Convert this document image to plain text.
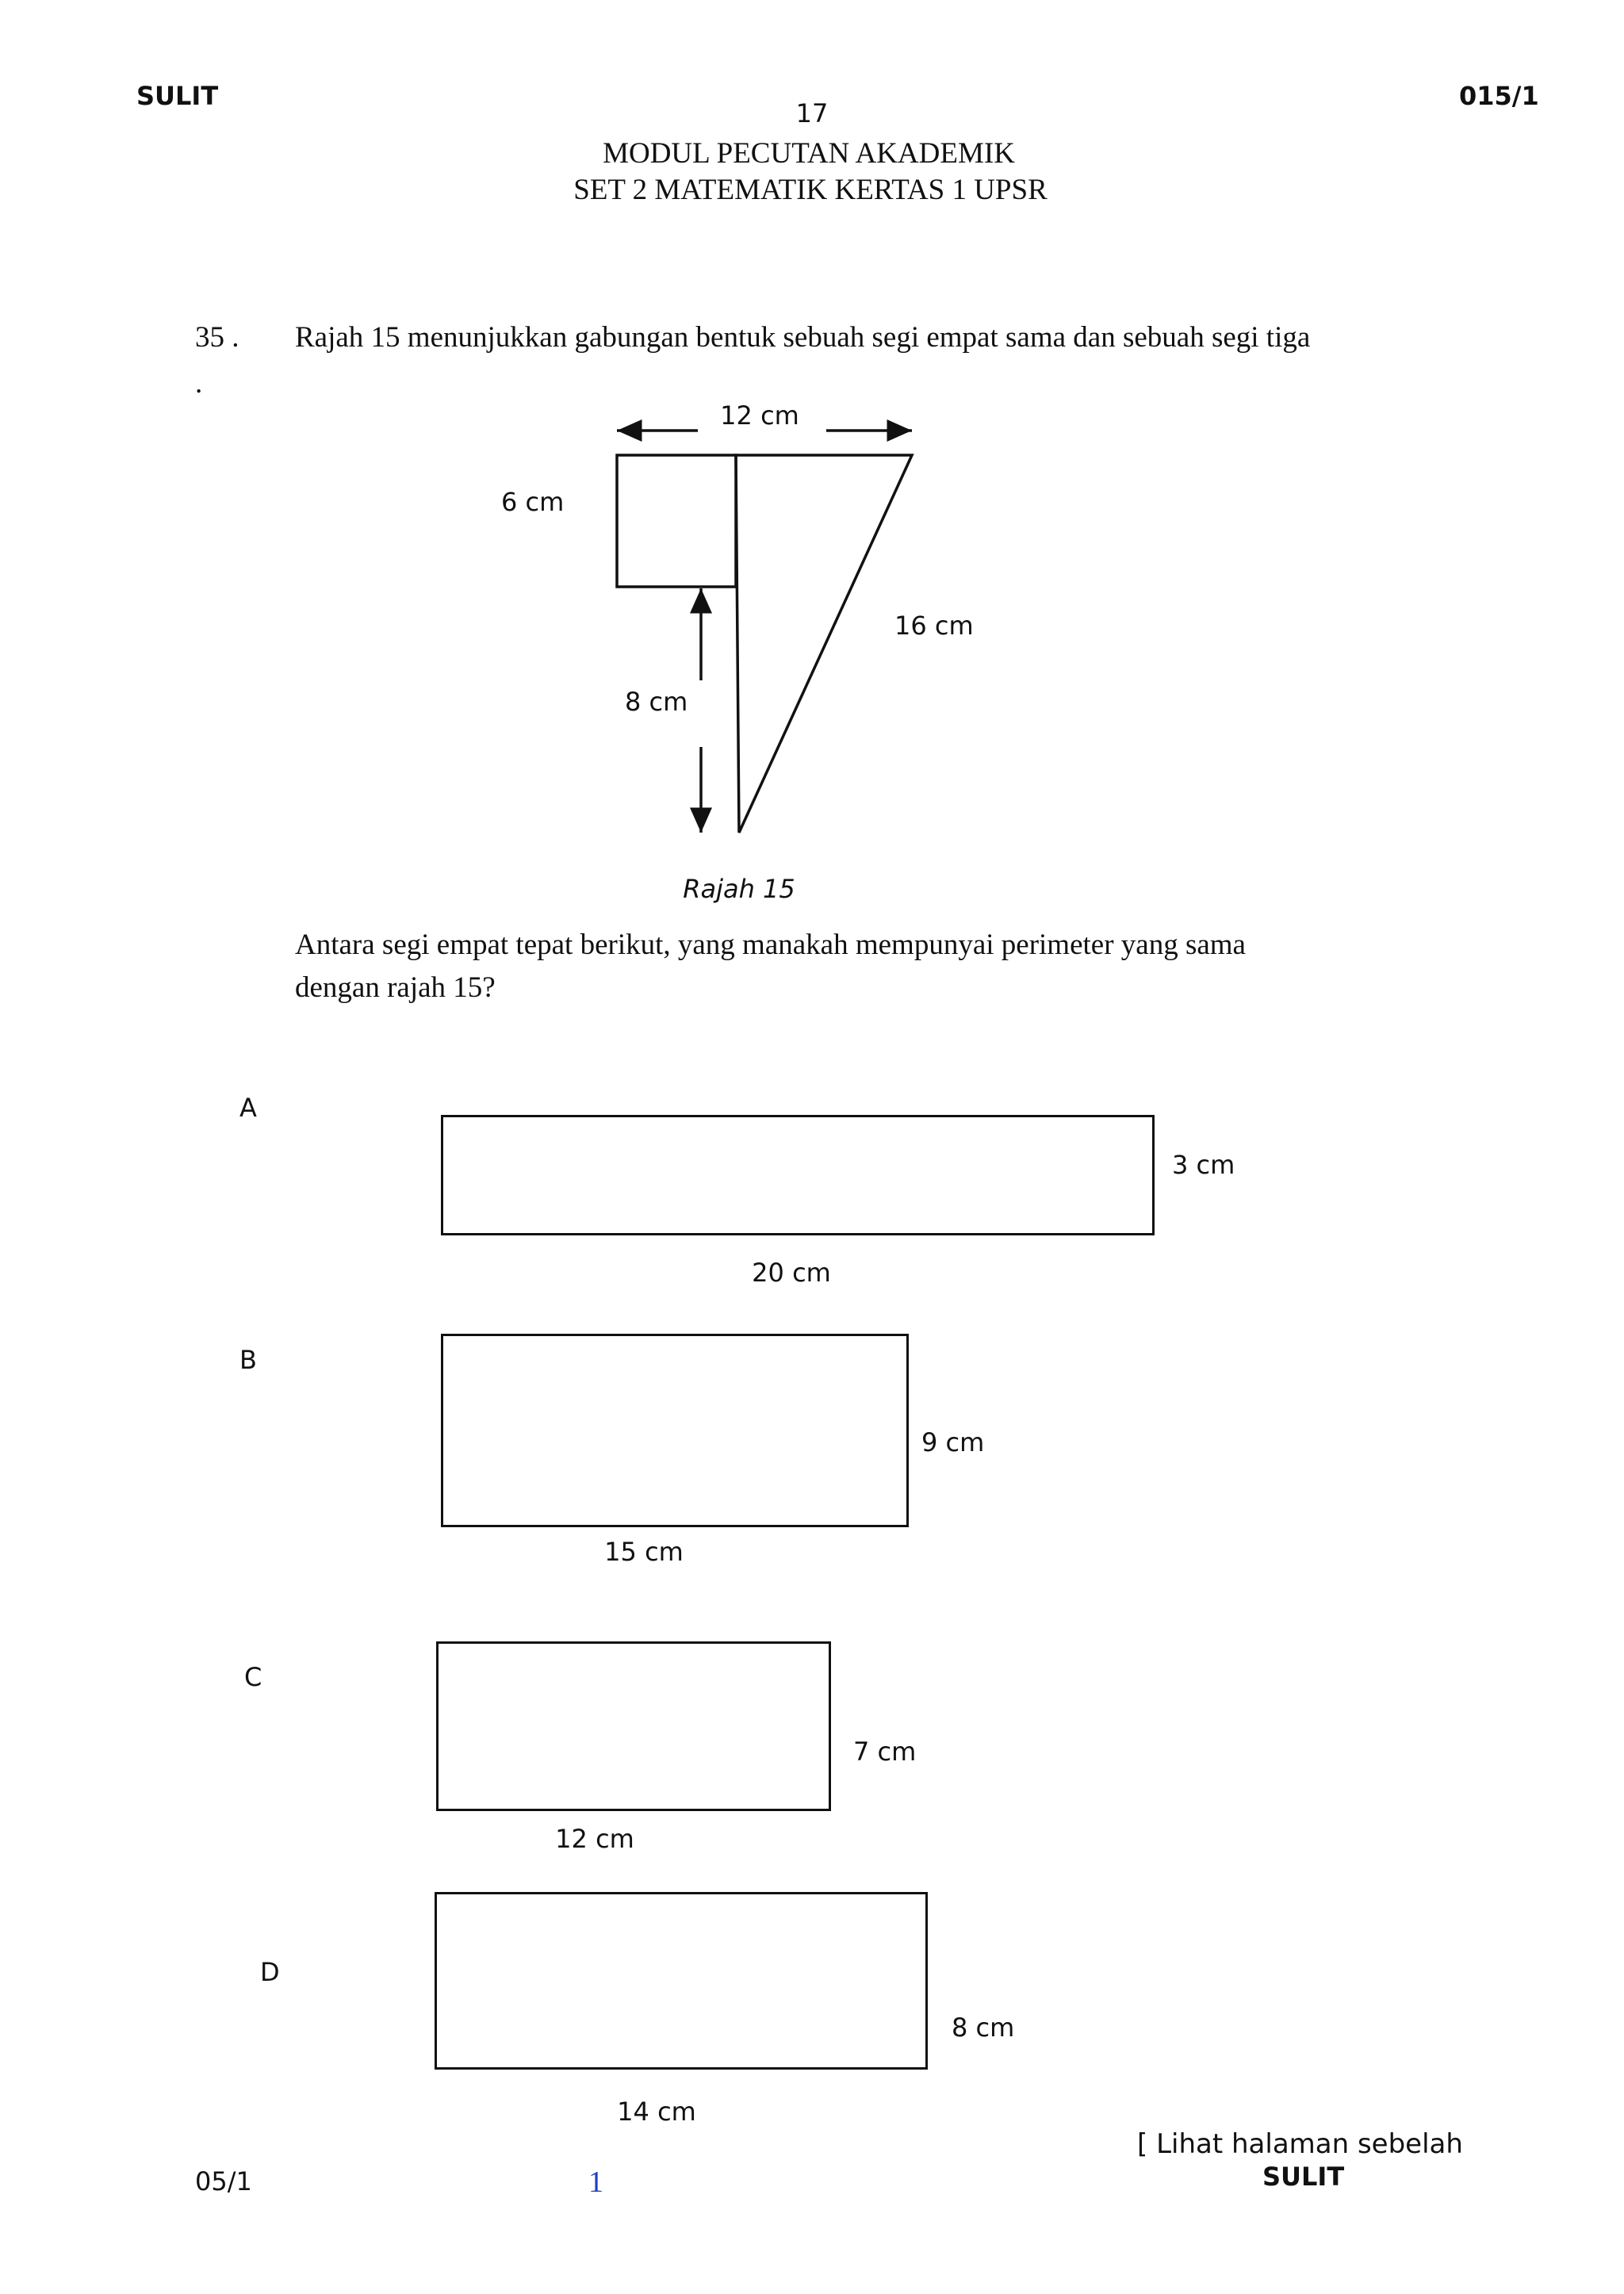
SULIT	015/1
17
MODUL PECUTAN AKADEMIK
SET 2 MATEMATIK KERTAS 1 UPSR
35 .
.
Rajah 15 menunjukkan gabungan bentuk sebuah segi empat sama dan sebuah segi tiga
12 cm
6 cm
16 cm
8 cm
Rajah 15
Antara segi empat tepat berikut, yang manakah mempunyai perimeter yang sama
dengan rajah 15?
A
3 cm
20 cm
B
9 cm
15 cm
C
7 cm
12 cm
D
8 cm
14 cm
[ Lihat halaman sebelah
05/1	1	SULIT
